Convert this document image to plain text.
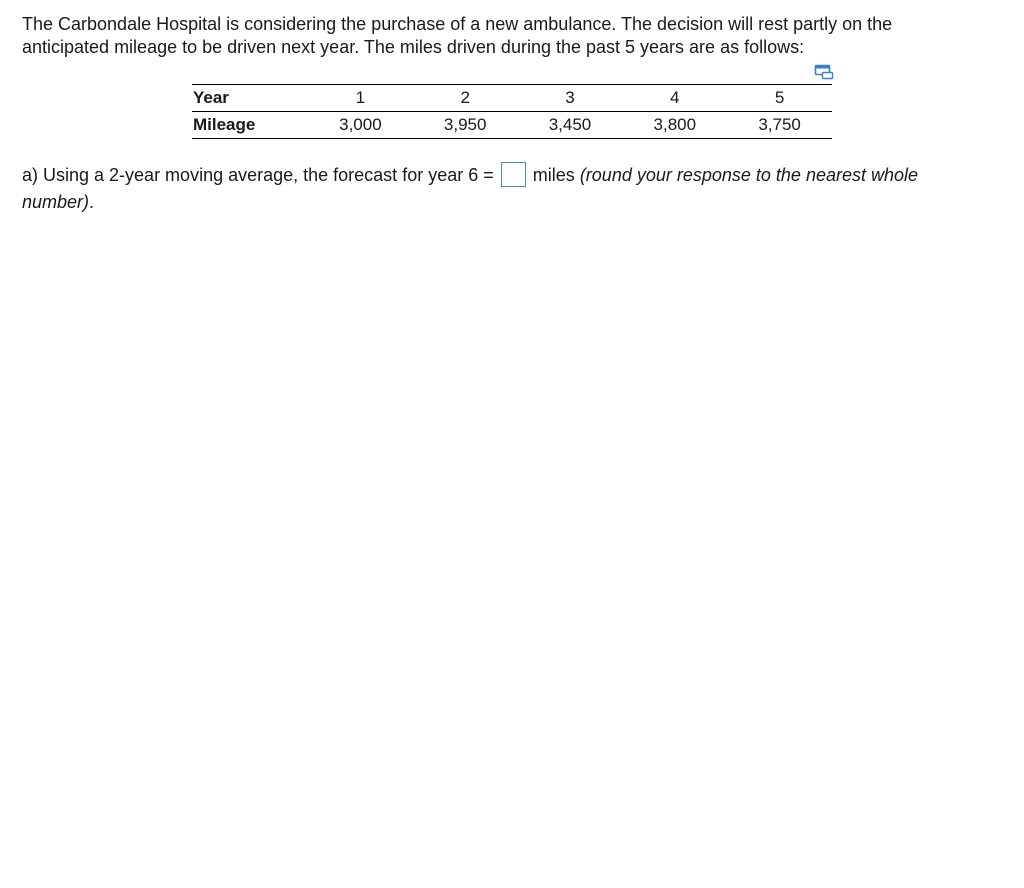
The Carbondale Hospital is considering the purchase of a new ambulance. The decision will rest partly on the anticipated mileage to be driven next year. The miles driven during the past 5 years are as follows:

Year	1	2	3	4	5
Mileage	3,000	3,950	3,450	3,800	3,750

a) Using a 2-year moving average, the forecast for year 6 = miles (round your response to the nearest whole number).
